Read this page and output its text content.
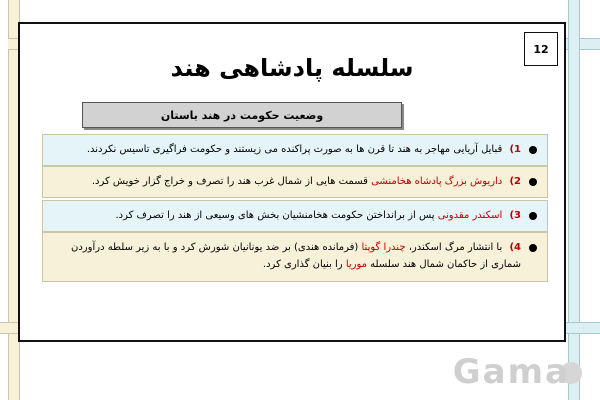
12
سلسله پادشاهی هند
وضعیت حکومت در هند باستان
1) قبایل آریایی مهاجر به هند تا قرن ها به صورت پراکنده می زیستند و حکومت فراگیری تاسیس نکردند.
2) داریوش بزرگ پادشاه هخامنشی قسمت هایی از شمال غرب هند را تصرف و خراج گزار خویش کرد.
3) اسکندر مقدونی پس از برانداختن حکومت هخامنشیان بخش های وسیعی از هند را تصرف کرد.
4) با انتشار مرگ اسکندر، چندرا گوپتا (فرمانده هندی) بر ضد یونانیان شورش کرد و با به زیر سلطه درآوردن شماری از حاکمان شمال هند سلسله موریا را بنیان گذاری کرد.
Gama
